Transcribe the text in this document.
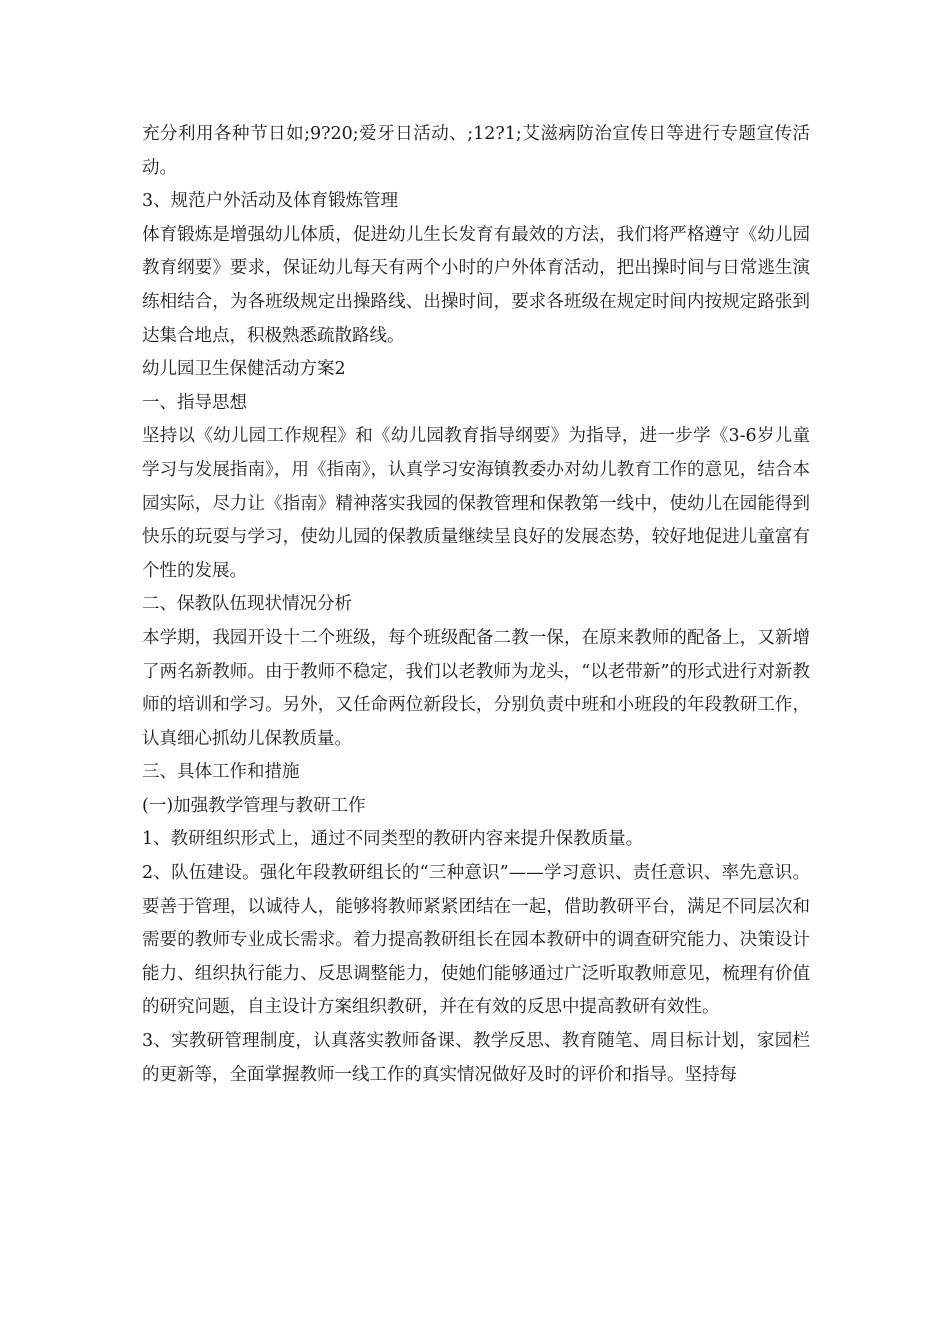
充分利用各种节日如;9?20;爱牙日活动、;12?1;艾滋病防治宣传日等进行专题宣传活动。

3、规范户外活动及体育锻炼管理

体育锻炼是增强幼儿体质，促进幼儿生长发育有最效的方法，我们将严格遵守《幼儿园教育纲要》要求，保证幼儿每天有两个小时的户外体育活动，把出操时间与日常逃生演练相结合，为各班级规定出操路线、出操时间，要求各班级在规定时间内按规定路张到达集合地点，积极熟悉疏散路线。

幼儿园卫生保健活动方案2

一、指导思想

坚持以《幼儿园工作规程》和《幼儿园教育指导纲要》为指导，进一步学《3-6岁儿童学习与发展指南》，用《指南》，认真学习安海镇教委办对幼儿教育工作的意见，结合本园实际，尽力让《指南》精神落实我园的保教管理和保教第一线中，使幼儿在园能得到快乐的玩耍与学习，使幼儿园的保教质量继续呈良好的发展态势，较好地促进儿童富有个性的发展。

二、保教队伍现状情况分析

本学期，我园开设十二个班级，每个班级配备二教一保，在原来教师的配备上，又新增了两名新教师。由于教师不稳定，我们以老教师为龙头，“以老带新”的形式进行对新教师的培训和学习。另外，又任命两位新段长，分别负责中班和小班段的年段教研工作，认真细心抓幼儿保教质量。

三、具体工作和措施

(一)加强教学管理与教研工作

1、教研组织形式上，通过不同类型的教研内容来提升保教质量。

2、队伍建设。强化年段教研组长的“三种意识”——学习意识、责任意识、率先意识。要善于管理，以诚待人，能够将教师紧紧团结在一起，借助教研平台，满足不同层次和需要的教师专业成长需求。着力提高教研组长在园本教研中的调查研究能力、决策设计能力、组织执行能力、反思调整能力，使她们能够通过广泛听取教师意见，梳理有价值的研究问题，自主设计方案组织教研，并在有效的反思中提高教研有效性。

3、实教研管理制度，认真落实教师备课、教学反思、教育随笔、周目标计划，家园栏的更新等，全面掌握教师一线工作的真实情况做好及时的评价和指导。坚持每
